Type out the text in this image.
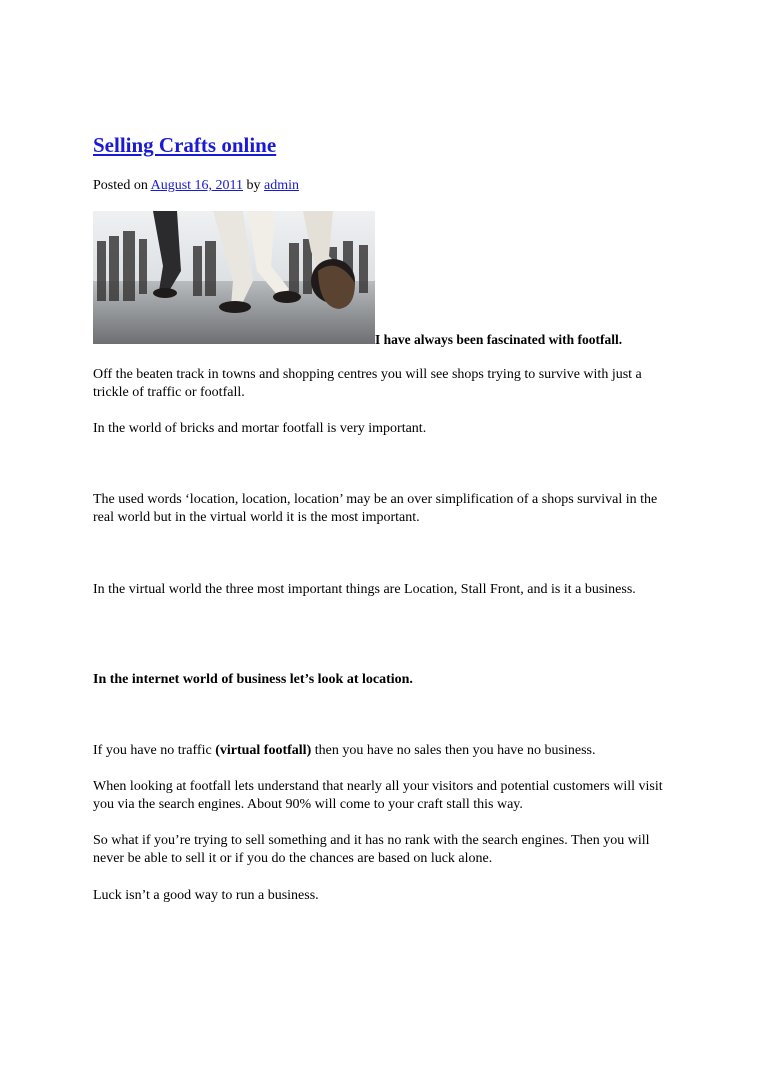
Selling Crafts online
Posted on August 16, 2011 by admin
I have always been fascinated with footfall.

Off the beaten track in towns and shopping centres you will see shops trying to survive with just a trickle of traffic or footfall.

In the world of bricks and mortar footfall is very important.

The used words ‘location, location, location’ may be an over simplification of a shops survival in the real world but in the virtual world it is the most important.

In the virtual world the three most important things are Location, Stall Front, and is it a business.

In the internet world of business let’s look at location.

If you have no traffic (virtual footfall) then you have no sales then you have no business.

When looking at footfall lets understand that nearly all your visitors and potential customers will visit you via the search engines. About 90% will come to your craft stall this way.

So what if you’re trying to sell something and it has no rank with the search engines. Then you will never be able to sell it or if you do the chances are based on luck alone.

Luck isn’t a good way to run a business.
